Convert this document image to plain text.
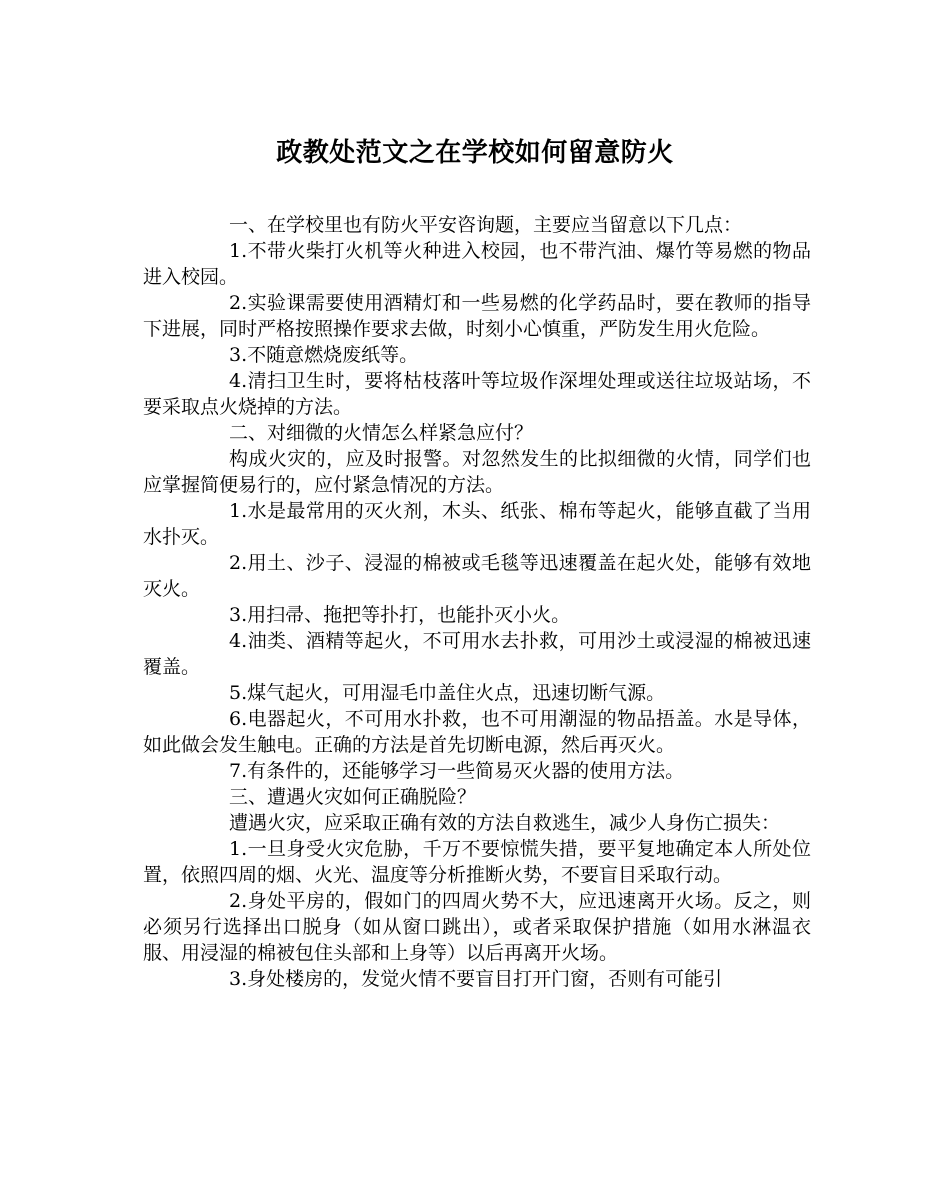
政教处范文之在学校如何留意防火

一、在学校里也有防火平安咨询题，主要应当留意以下几点：

1.不带火柴打火机等火种进入校园，也不带汽油、爆竹等易燃的物品进入校园。

2.实验课需要使用酒精灯和一些易燃的化学药品时，要在教师的指导下进展，同时严格按照操作要求去做，时刻小心慎重，严防发生用火危险。

3.不随意燃烧废纸等。

4.清扫卫生时，要将枯枝落叶等垃圾作深埋处理或送往垃圾站场，不要采取点火烧掉的方法。

二、对细微的火情怎么样紧急应付？

构成火灾的，应及时报警。对忽然发生的比拟细微的火情，同学们也应掌握简便易行的，应付紧急情况的方法。

1.水是最常用的灭火剂，木头、纸张、棉布等起火，能够直截了当用水扑灭。

2.用土、沙子、浸湿的棉被或毛毯等迅速覆盖在起火处，能够有效地灭火。

3.用扫帚、拖把等扑打，也能扑灭小火。

4.油类、酒精等起火，不可用水去扑救，可用沙土或浸湿的棉被迅速覆盖。

5.煤气起火，可用湿毛巾盖住火点，迅速切断气源。

6.电器起火，不可用水扑救，也不可用潮湿的物品捂盖。水是导体，如此做会发生触电。正确的方法是首先切断电源，然后再灭火。

7.有条件的，还能够学习一些简易灭火器的使用方法。

三、遭遇火灾如何正确脱险？

遭遇火灾，应采取正确有效的方法自救逃生，减少人身伤亡损失：

1.一旦身受火灾危胁，千万不要惊慌失措，要平复地确定本人所处位置，依照四周的烟、火光、温度等分析推断火势，不要盲目采取行动。

2.身处平房的，假如门的四周火势不大，应迅速离开火场。反之，则必须另行选择出口脱身（如从窗口跳出），或者采取保护措施（如用水淋温衣服、用浸湿的棉被包住头部和上身等）以后再离开火场。

3.身处楼房的，发觉火情不要盲目打开门窗，否则有可能引
